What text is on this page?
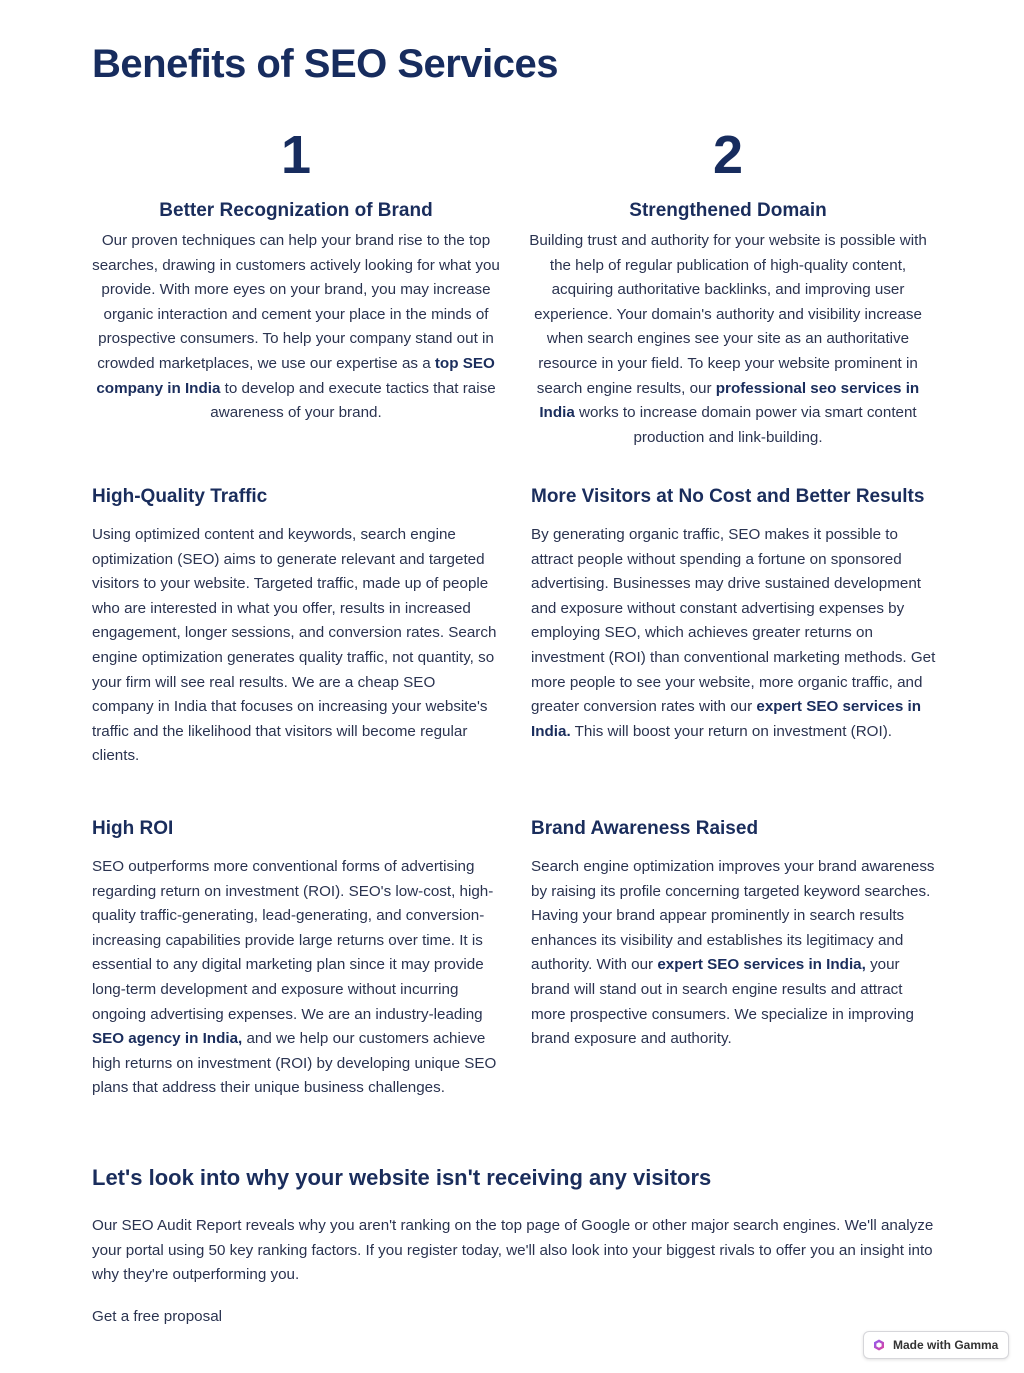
Benefits of SEO Services
1
Better Recognization of Brand
Our proven techniques can help your brand rise to the top searches, drawing in customers actively looking for what you provide. With more eyes on your brand, you may increase organic interaction and cement your place in the minds of prospective consumers. To help your company stand out in crowded marketplaces, we use our expertise as a top SEO company in India to develop and execute tactics that raise awareness of your brand.
2
Strengthened Domain
Building trust and authority for your website is possible with the help of regular publication of high-quality content, acquiring authoritative backlinks, and improving user experience. Your domain's authority and visibility increase when search engines see your site as an authoritative resource in your field. To keep your website prominent in search engine results, our professional seo services in India works to increase domain power via smart content production and link-building.
High-Quality Traffic
Using optimized content and keywords, search engine optimization (SEO) aims to generate relevant and targeted visitors to your website. Targeted traffic, made up of people who are interested in what you offer, results in increased engagement, longer sessions, and conversion rates. Search engine optimization generates quality traffic, not quantity, so your firm will see real results. We are a cheap SEO company in India that focuses on increasing your website's traffic and the likelihood that visitors will become regular clients.
More Visitors at No Cost and Better Results
By generating organic traffic, SEO makes it possible to attract people without spending a fortune on sponsored advertising. Businesses may drive sustained development and exposure without constant advertising expenses by employing SEO, which achieves greater returns on investment (ROI) than conventional marketing methods. Get more people to see your website, more organic traffic, and greater conversion rates with our expert SEO services in India. This will boost your return on investment (ROI).
High ROI
SEO outperforms more conventional forms of advertising regarding return on investment (ROI). SEO's low-cost, high-quality traffic-generating, lead-generating, and conversion-increasing capabilities provide large returns over time. It is essential to any digital marketing plan since it may provide long-term development and exposure without incurring ongoing advertising expenses. We are an industry-leading SEO agency in India, and we help our customers achieve high returns on investment (ROI) by developing unique SEO plans that address their unique business challenges.
Brand Awareness Raised
Search engine optimization improves your brand awareness by raising its profile concerning targeted keyword searches. Having your brand appear prominently in search results enhances its visibility and establishes its legitimacy and authority. With our expert SEO services in India, your brand will stand out in search engine results and attract more prospective consumers. We specialize in improving brand exposure and authority.
Let's look into why your website isn't receiving any visitors
Our SEO Audit Report reveals why you aren't ranking on the top page of Google or other major search engines. We'll analyze your portal using 50 key ranking factors. If you register today, we'll also look into your biggest rivals to offer you an insight into why they're outperforming you.
Get a free proposal
Made with Gamma
